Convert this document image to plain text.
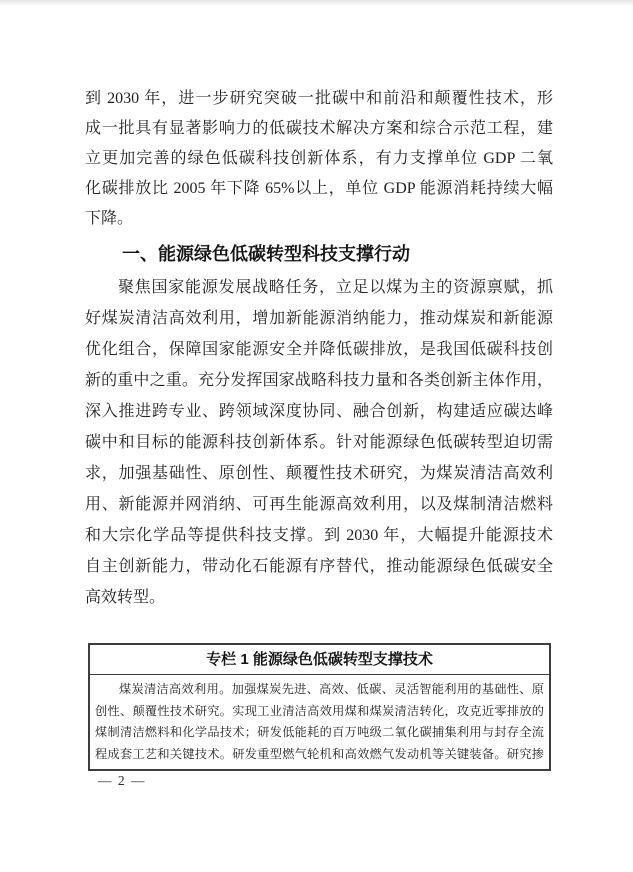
到 2030 年，进一步研究突破一批碳中和前沿和颠覆性技术，形
成一批具有显著影响力的低碳技术解决方案和综合示范工程，建
立更加完善的绿色低碳科技创新体系，有力支撑单位 GDP 二氧
化碳排放比 2005 年下降 65%以上，单位 GDP 能源消耗持续大幅
下降。
一、能源绿色低碳转型科技支撑行动
聚焦国家能源发展战略任务，立足以煤为主的资源禀赋，抓
好煤炭清洁高效利用，增加新能源消纳能力，推动煤炭和新能源
优化组合，保障国家能源安全并降低碳排放，是我国低碳科技创
新的重中之重。充分发挥国家战略科技力量和各类创新主体作用，
深入推进跨专业、跨领域深度协同、融合创新，构建适应碳达峰
碳中和目标的能源科技创新体系。针对能源绿色低碳转型迫切需
求，加强基础性、原创性、颠覆性技术研究，为煤炭清洁高效利
用、新能源并网消纳、可再生能源高效利用，以及煤制清洁燃料
和大宗化学品等提供科技支撑。到 2030 年，大幅提升能源技术
自主创新能力，带动化石能源有序替代，推动能源绿色低碳安全
高效转型。
专栏 1 能源绿色低碳转型支撑技术
煤炭清洁高效利用。加强煤炭先进、高效、低碳、灵活智能利用的基础性、原
创性、颠覆性技术研究。实现工业清洁高效用煤和煤炭清洁转化，攻克近零排放的
煤制清洁燃料和化学品技术；研发低能耗的百万吨级二氧化碳捕集利用与封存全流
程成套工艺和关键技术。研发重型燃气轮机和高效燃气发动机等关键装备。研究掺
— 2 —
